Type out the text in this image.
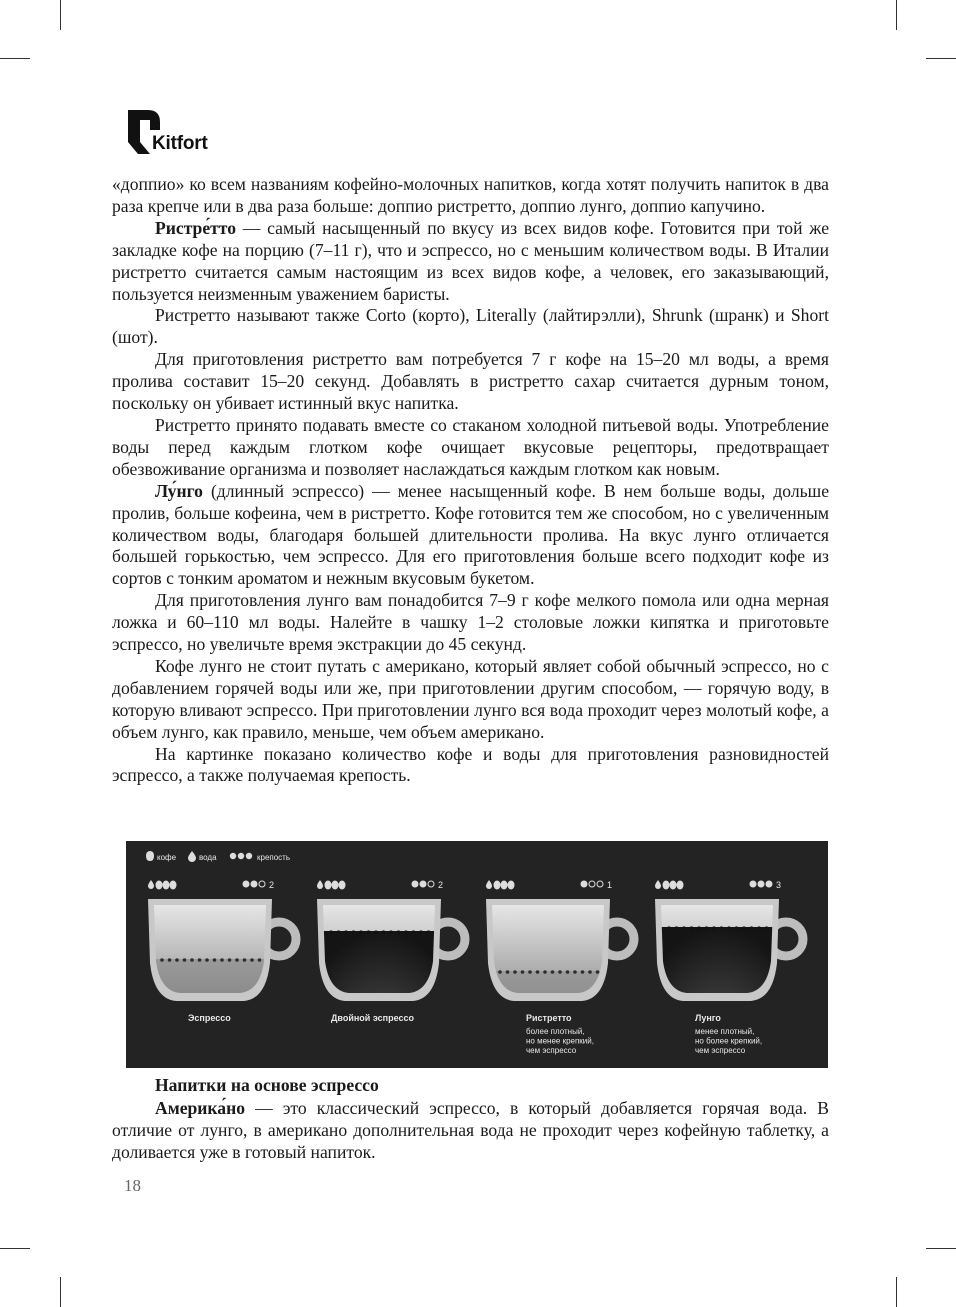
Kitfort

«доппио» ко всем названиям кофейно-молочных напитков, когда хотят получить напиток в два раза крепче или в два раза больше: доппио ристретто, доппио лунго, доппио капучино.

Ристре́тто — самый насыщенный по вкусу из всех видов кофе. Готовится при той же закладке кофе на порцию (7–11 г), что и эспрессо, но с меньшим количеством воды. В Италии ристретто считается самым настоящим из всех видов кофе, а человек, его заказывающий, пользуется неизменным уважением баристы.

Ристретто называют также Corto (корто), Literally (лайтирэлли), Shrunk (шранк) и Short (шот).

Для приготовления ристретто вам потребуется 7 г кофе на 15–20 мл воды, а время пролива составит 15–20 секунд. Добавлять в ристретто сахар считается дурным тоном, поскольку он убивает истинный вкус напитка.

Ристретто принято подавать вместе со стаканом холодной питьевой воды. Употребление воды перед каждым глотком кофе очищает вкусовые рецепторы, предотвращает обезвоживание организма и позволяет наслаждаться каждым глотком как новым.

Лу́нго (длинный эспрессо) — менее насыщенный кофе. В нем больше воды, дольше пролив, больше кофеина, чем в ристретто. Кофе готовится тем же способом, но с увеличенным количеством воды, благодаря большей длительности пролива. На вкус лунго отличается большей горькостью, чем эспрессо. Для его приготовления больше всего подходит кофе из сортов с тонким ароматом и нежным вкусовым букетом.

Для приготовления лунго вам понадобится 7–9 г кофе мелкого помола или одна мерная ложка и 60–110 мл воды. Налейте в чашку 1–2 столовые ложки кипятка и приготовьте эспрессо, но увеличьте время экстракции до 45 секунд.

Кофе лунго не стоит путать с американо, который являет собой обычный эспрессо, но с добавлением горячей воды или же, при приготовлении другим способом, — горячую воду, в которую вливают эспрессо. При приготовлении лунго вся вода проходит через молотый кофе, а объем лунго, как правило, меньше, чем объем американо.

На картинке показано количество кофе и воды для приготовления разновидностей эспрессо, а также получаемая крепость.

кофе	вода	крепость
2
Эспрессо
2
Двойной эспрессо
1
Ристретто
более плотный,
но менее крепкий,
чем эспрессо
3
Лунго
менее плотный,
но более крепкий,
чем эспрессо
Напитки на основе эспрессо

Америка́но — это классический эспрессо, в который добавляется горячая вода. В отличие от лунго, в американо дополнительная вода не проходит через кофейную таблетку, а доливается уже в готовый напиток.

18
